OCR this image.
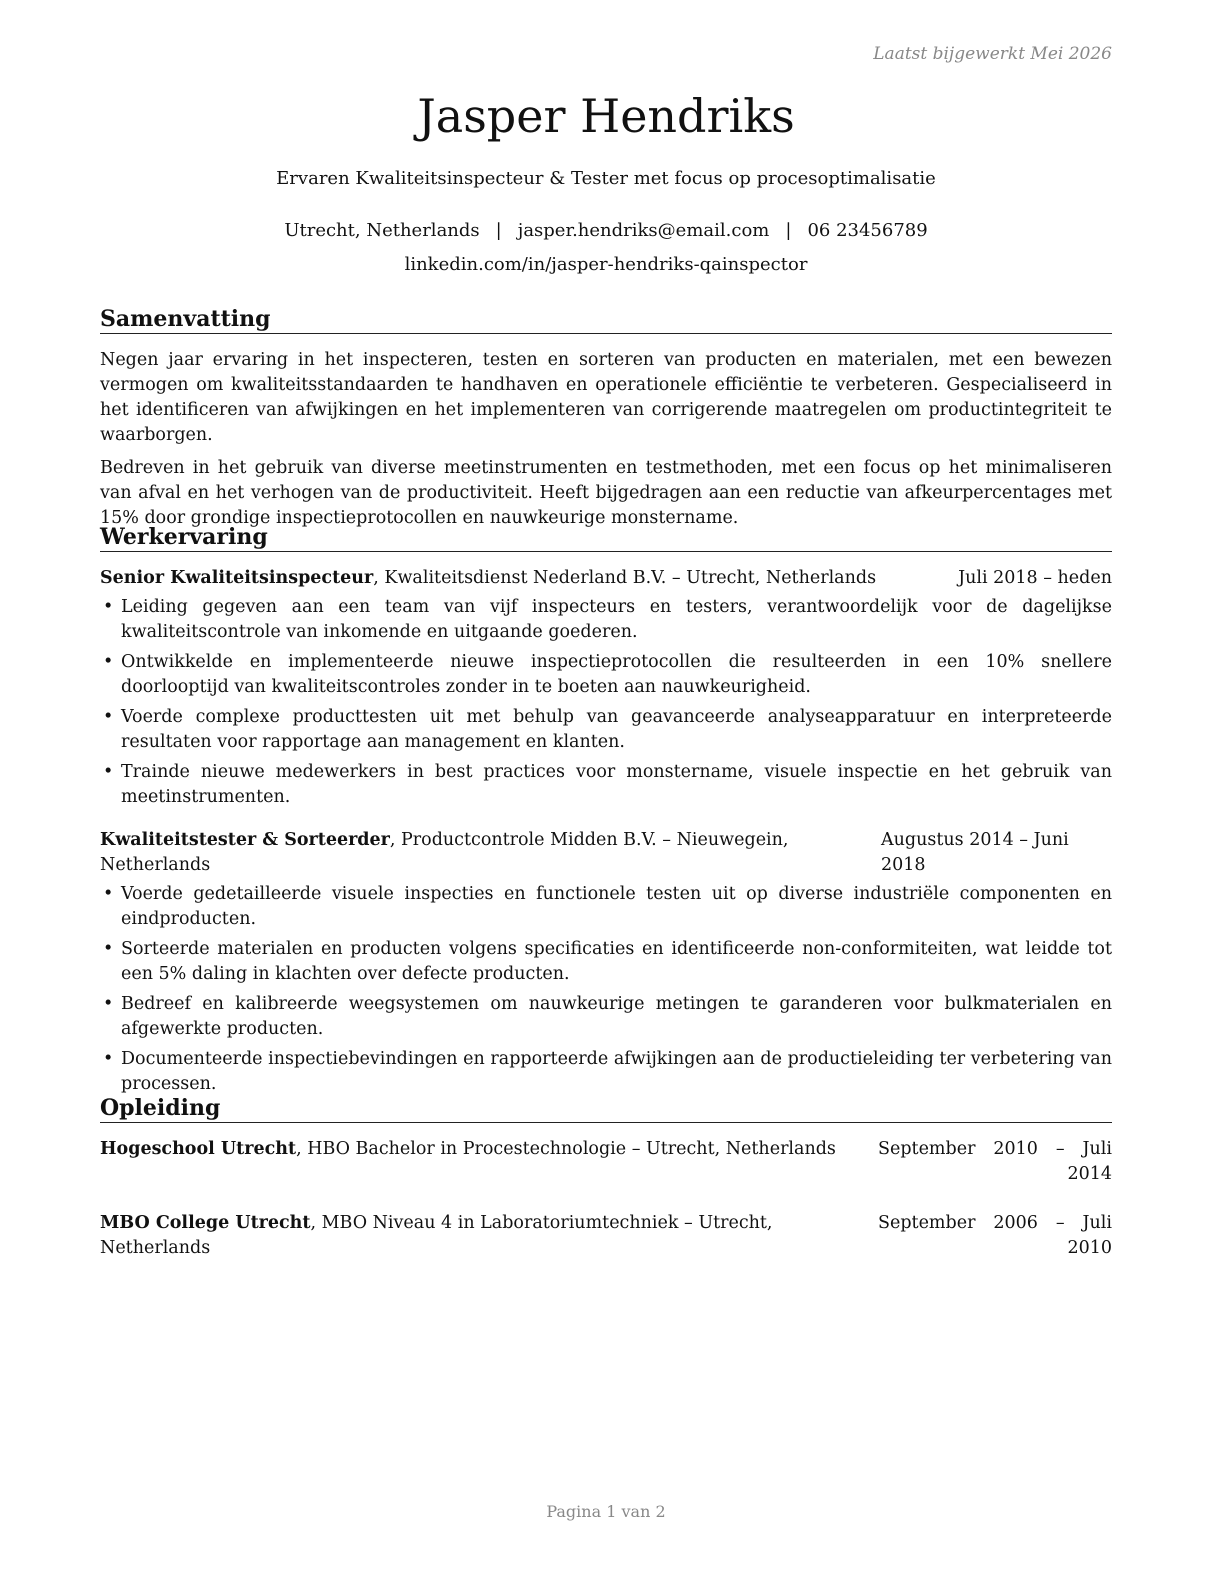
Laatst bijgewerkt Mei 2026
Jasper Hendriks
Ervaren Kwaliteitsinspecteur & Tester met focus op procesoptimalisatie
Utrecht, Netherlands | jasper.hendriks@email.com | 06 23456789
linkedin.com/in/jasper-hendriks-qainspector
Samenvatting

Negen jaar ervaring in het inspecteren, testen en sorteren van producten en materialen, met een bewezen vermogen om kwaliteitsstandaarden te handhaven en operationele efficiëntie te verbeteren. Gespecialiseerd in het identificeren van afwijkingen en het implementeren van corrigerende maatregelen om productintegriteit te waarborgen.

Bedreven in het gebruik van diverse meetinstrumenten en testmethoden, met een focus op het minimaliseren van afval en het verhogen van de productiviteit. Heeft bijgedragen aan een reductie van afkeurpercentages met 15% door grondige inspectieprotocollen en nauwkeurige monstername.

Werkervaring
Senior Kwaliteitsinspecteur, Kwaliteitsdienst Nederland B.V. – Utrecht, Netherlands	Juli 2018 – heden
• Leiding gegeven aan een team van vijf inspecteurs en testers, verantwoordelijk voor de dagelijkse kwaliteitscontrole van inkomende en uitgaande goederen.
• Ontwikkelde en implementeerde nieuwe inspectieprotocollen die resulteerden in een 10% snellere doorlooptijd van kwaliteitscontroles zonder in te boeten aan nauwkeurigheid.
• Voerde complexe producttesten uit met behulp van geavanceerde analyseapparatuur en interpreteerde resultaten voor rapportage aan management en klanten.
• Trainde nieuwe medewerkers in best practices voor monstername, visuele inspectie en het gebruik van meetinstrumenten.
Kwaliteitstester & Sorteerder, Productcontrole Midden B.V. – Nieuwegein, Netherlands
Augustus 2014 – Juni 2018
• Voerde gedetailleerde visuele inspecties en functionele testen uit op diverse industriële componenten en eindproducten.
• Sorteerde materialen en producten volgens specificaties en identificeerde non-conformiteiten, wat leidde tot een 5% daling in klachten over defecte producten.
• Bedreef en kalibreerde weegsystemen om nauwkeurige metingen te garanderen voor bulkmaterialen en afgewerkte producten.
• Documenteerde inspectiebevindingen en rapporteerde afwijkingen aan de productieleiding ter verbetering van processen.
Opleiding
Hogeschool Utrecht, HBO Bachelor in Procestechnologie – Utrecht, Netherlands	September 2010 – Juli 2014
MBO College Utrecht, MBO Niveau 4 in Laboratoriumtechniek – Utrecht, Netherlands
September 2006 – Juli 2010
Pagina 1 van 2
